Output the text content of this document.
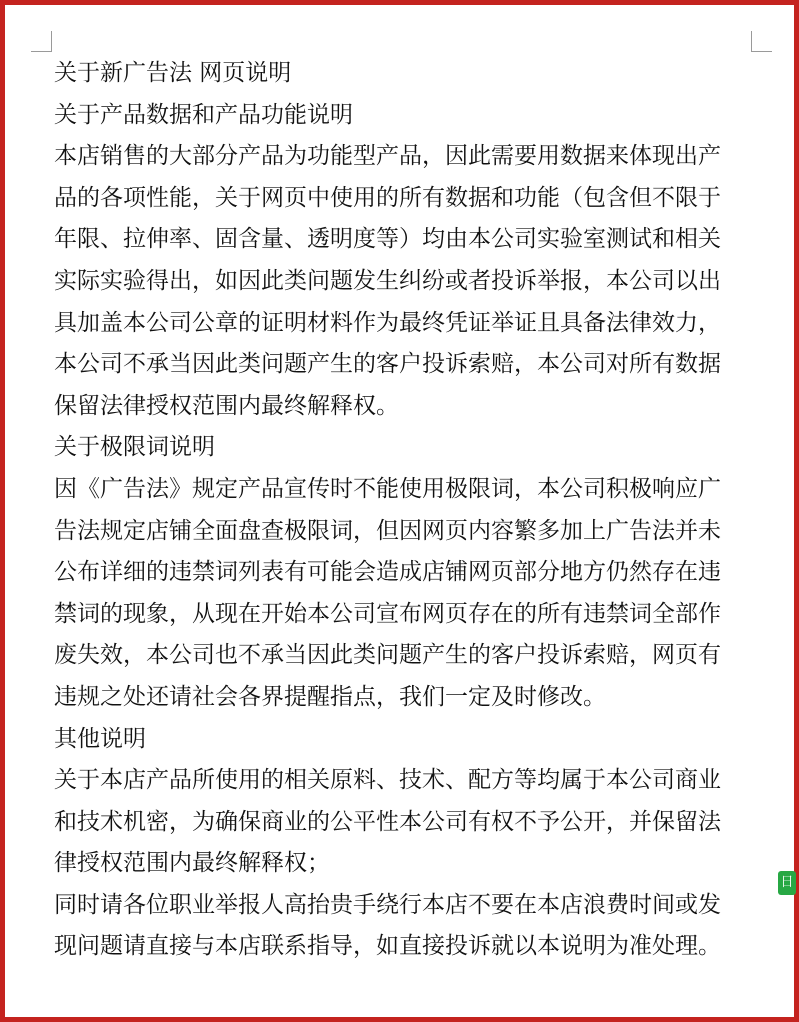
关于新广告法 网页说明
关于产品数据和产品功能说明
本店销售的大部分产品为功能型产品，因此需要用数据来体现出产
品的各项性能，关于网页中使用的所有数据和功能（包含但不限于
年限、拉伸率、固含量、透明度等）均由本公司实验室测试和相关
实际实验得出，如因此类问题发生纠纷或者投诉举报，本公司以出
具加盖本公司公章的证明材料作为最终凭证举证且具备法律效力，
本公司不承当因此类问题产生的客户投诉索赔，本公司对所有数据
保留法律授权范围内最终解释权。
关于极限词说明
因《广告法》规定产品宣传时不能使用极限词，本公司积极响应广
告法规定店铺全面盘查极限词，但因网页内容繁多加上广告法并未
公布详细的违禁词列表有可能会造成店铺网页部分地方仍然存在违
禁词的现象，从现在开始本公司宣布网页存在的所有违禁词全部作
废失效，本公司也不承当因此类问题产生的客户投诉索赔，网页有
违规之处还请社会各界提醒指点，我们一定及时修改。
其他说明
关于本店产品所使用的相关原料、技术、配方等均属于本公司商业
和技术机密，为确保商业的公平性本公司有权不予公开，并保留法
律授权范围内最终解释权；
同时请各位职业举报人高抬贵手绕行本店不要在本店浪费时间或发
现问题请直接与本店联系指导，如直接投诉就以本说明为准处理。
日
